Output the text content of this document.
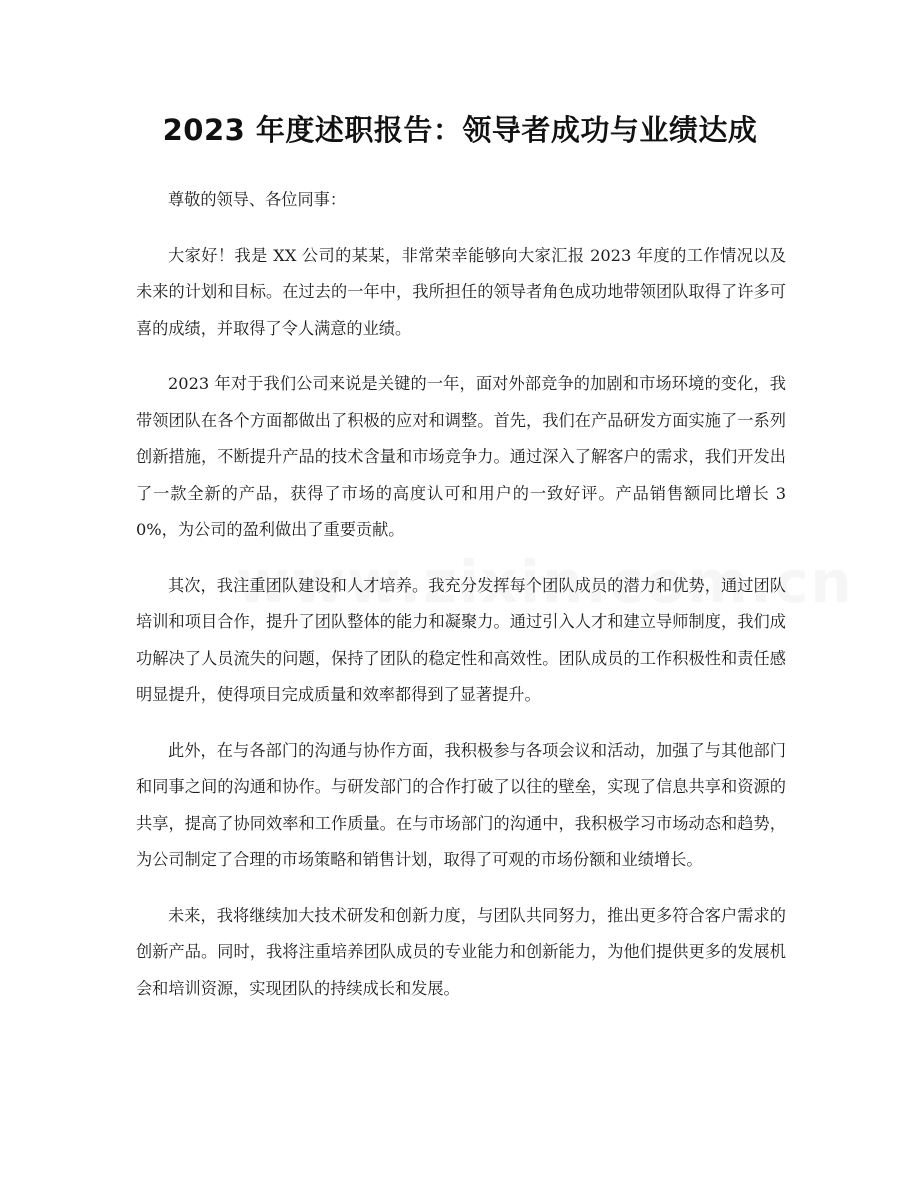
2023 年度述职报告：领导者成功与业绩达成

尊敬的领导、各位同事：

大家好！我是 XX 公司的某某，非常荣幸能够向大家汇报 2023 年度的工作情况以及未来的计划和目标。在过去的一年中，我所担任的领导者角色成功地带领团队取得了许多可喜的成绩，并取得了令人满意的业绩。

2023 年对于我们公司来说是关键的一年，面对外部竞争的加剧和市场环境的变化，我带领团队在各个方面都做出了积极的应对和调整。首先，我们在产品研发方面实施了一系列创新措施，不断提升产品的技术含量和市场竞争力。通过深入了解客户的需求，我们开发出了一款全新的产品，获得了市场的高度认可和用户的一致好评。产品销售额同比增长 30%，为公司的盈利做出了重要贡献。

其次，我注重团队建设和人才培养。我充分发挥每个团队成员的潜力和优势，通过团队培训和项目合作，提升了团队整体的能力和凝聚力。通过引入人才和建立导师制度，我们成功解决了人员流失的问题，保持了团队的稳定性和高效性。团队成员的工作积极性和责任感明显提升，使得项目完成质量和效率都得到了显著提升。

此外，在与各部门的沟通与协作方面，我积极参与各项会议和活动，加强了与其他部门和同事之间的沟通和协作。与研发部门的合作打破了以往的壁垒，实现了信息共享和资源的共享，提高了协同效率和工作质量。在与市场部门的沟通中，我积极学习市场动态和趋势，为公司制定了合理的市场策略和销售计划，取得了可观的市场份额和业绩增长。

未来，我将继续加大技术研发和创新力度，与团队共同努力，推出更多符合客户需求的创新产品。同时，我将注重培养团队成员的专业能力和创新能力，为他们提供更多的发展机会和培训资源，实现团队的持续成长和发展。
